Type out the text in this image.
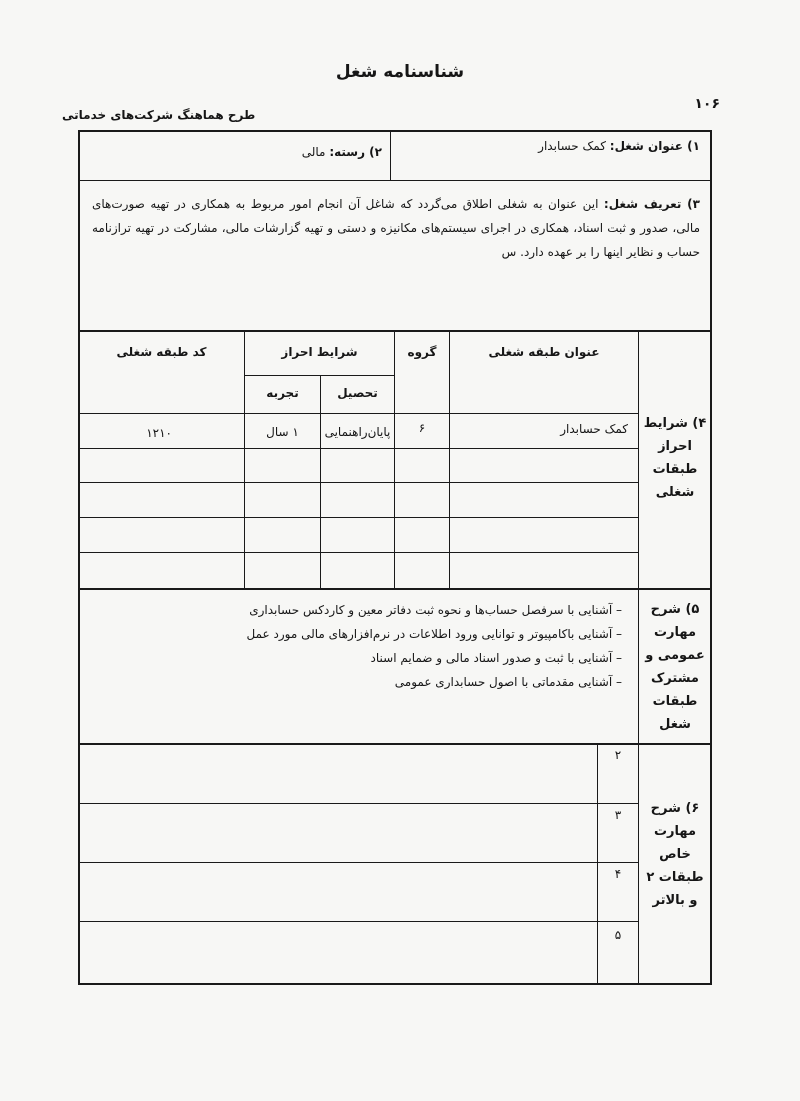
شناسنامه شغل
طرح هماهنگ شرکت‌های خدماتی
۱۰۶
۱) عنوان شغل: کمک حسابدار
۲) رسته: مالی
۳) تعریف شغل: این عنوان به شغلی اطلاق می‌گردد که شاغل آن انجام امور مربوط به همکاری در تهیه صورت‌های مالی، صدور و ثبت اسناد، همکاری در اجرای سیستم‌های مکانیزه و دستی و تهیه گزارشات مالی، مشارکت در تهیه ترازنامه حساب و نظایر اینها را بر عهده دارد. س
۴) شرایط احراز طبقات شغلی
عنوان طبقه شغلی
گروه
شرایط احراز
تحصیل
تجربه
کد طبقه شغلی
کمک حسابدار
۶
پایان‌راهنمایی
۱ سال
۱۲۱۰
۵) شرح مهارت عمومی و مشترک طبقات شغل
– آشنایی با سرفصل حساب‌ها و نحوه ثبت دفاتر معین و کاردکس حسابداری
– آشنایی باکامپیوتر و توانایی ورود اطلاعات در نرم‌افزارهای مالی مورد عمل
– آشنایی با ثبت و صدور اسناد مالی و ضمایم اسناد
– آشنایی مقدماتی با اصول حسابداری عمومی
۶) شرح مهارت خاص طبقات ۲ و بالاتر
۲
۳
۴
۵
